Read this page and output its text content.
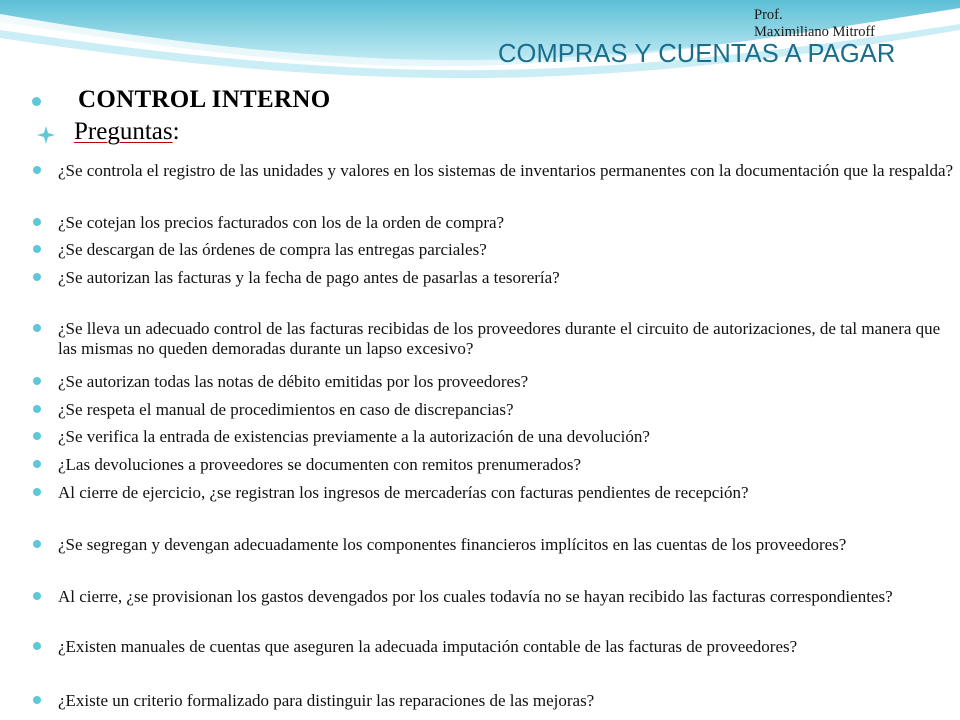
Prof.
Maximiliano Mitroff
COMPRAS Y CUENTAS A PAGAR
CONTROL INTERNO
Preguntas:
¿Se controla el registro de las unidades y valores en los sistemas de inventarios permanentes con la documentación que la respalda?
¿Se cotejan los precios facturados con los de la orden de compra?
¿Se descargan de las órdenes de compra las entregas parciales?
¿Se autorizan las facturas y la fecha de pago antes de pasarlas a tesorería?
¿Se lleva un adecuado control de las facturas recibidas de los proveedores durante el circuito de autorizaciones, de tal manera que las mismas no queden demoradas durante un lapso excesivo?
¿Se autorizan todas las notas de débito emitidas por los proveedores?
¿Se respeta el manual de procedimientos en caso de discrepancias?
¿Se verifica la entrada de existencias previamente a la autorización de una devolución?
¿Las devoluciones a proveedores se documenten con remitos prenumerados?
Al cierre de ejercicio, ¿se registran los ingresos de mercaderías con facturas pendientes de recepción?
¿Se segregan y devengan adecuadamente los componentes financieros implícitos en las cuentas de los proveedores?
Al cierre, ¿se provisionan los gastos devengados por los cuales todavía no se hayan recibido las facturas correspondientes?
¿Existen manuales de cuentas que aseguren la adecuada imputación contable de las facturas de proveedores?
¿Existe un criterio formalizado para distinguir las reparaciones de las mejoras?
